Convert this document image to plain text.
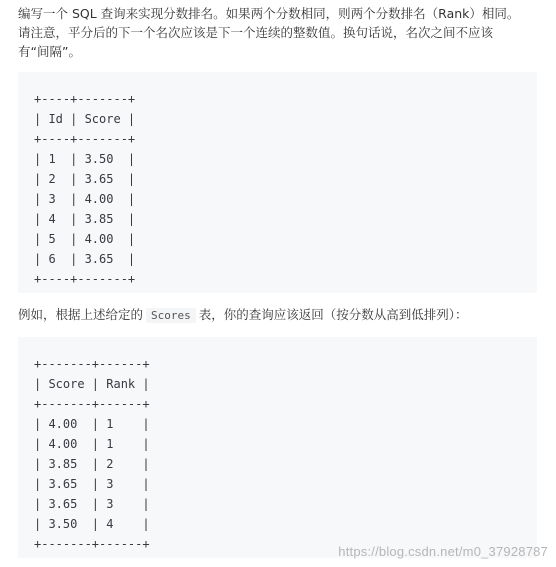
编写一个 SQL 查询来实现分数排名。如果两个分数相同，则两个分数排名（Rank）相同。
请注意，平分后的下一个名次应该是下一个连续的整数值。换句话说，名次之间不应该
有“间隔”。
+----+-------+
| Id | Score |
+----+-------+
| 1  | 3.50  |
| 2  | 3.65  |
| 3  | 4.00  |
| 4  | 3.85  |
| 5  | 4.00  |
| 6  | 3.65  |
+----+-------+
例如，根据上述给定的 Scores 表，你的查询应该返回（按分数从高到低排列）：
+-------+------+
| Score | Rank |
+-------+------+
| 4.00  | 1    |
| 4.00  | 1    |
| 3.85  | 2    |
| 3.65  | 3    |
| 3.65  | 3    |
| 3.50  | 4    |
+-------+------+	https://blog.csdn.net/m0_37928787
